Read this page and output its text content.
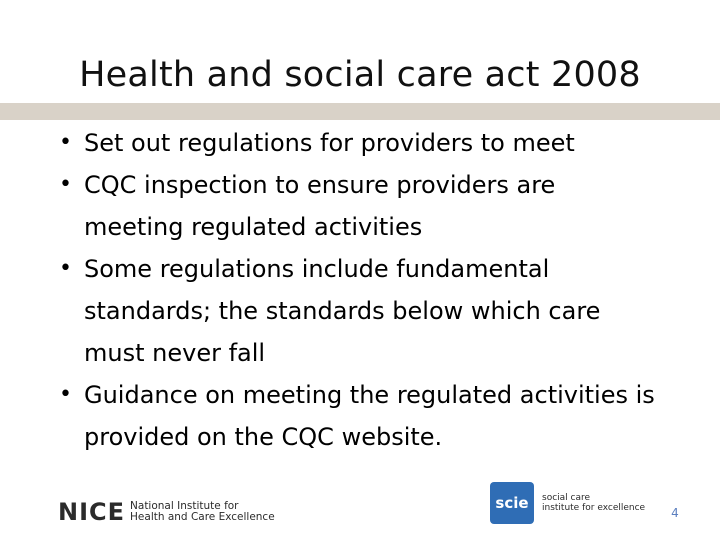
Health and social care act 2008
• Set out regulations for providers to meet
• CQC inspection to ensure providers are meeting regulated activities
• Some regulations include fundamental standards; the standards below which care must never fall
• Guidance on meeting the regulated activities is provided on the CQC website.
NICE National Institute for
Health and Care Excellence
scie	social care
institute for excellence	4
